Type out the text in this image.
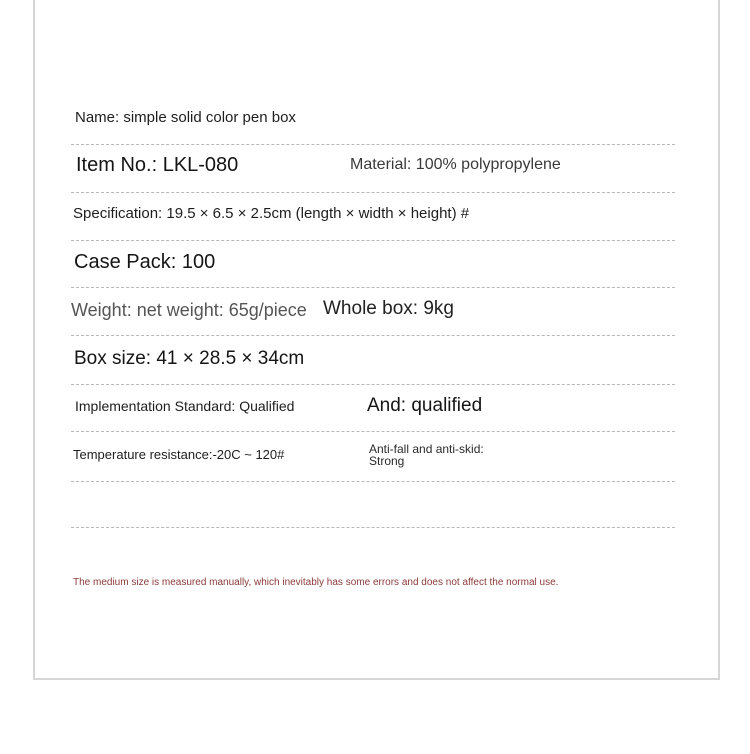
Name: simple solid color pen box
Item No.: LKL-080	Material: 100% polypropylene
Specification: 19.5 × 6.5 × 2.5cm (length × width × height) #
Case Pack: 100
Weight: net weight: 65g/piece Whole box: 9kg
Box size: 41 × 28.5 × 34cm
Implementation Standard: Qualified	And: qualified
Temperature resistance:-20C ~ 120#	Anti-fall and anti-skid:
Strong
The medium size is measured manually, which inevitably has some errors and does not affect the normal use.
